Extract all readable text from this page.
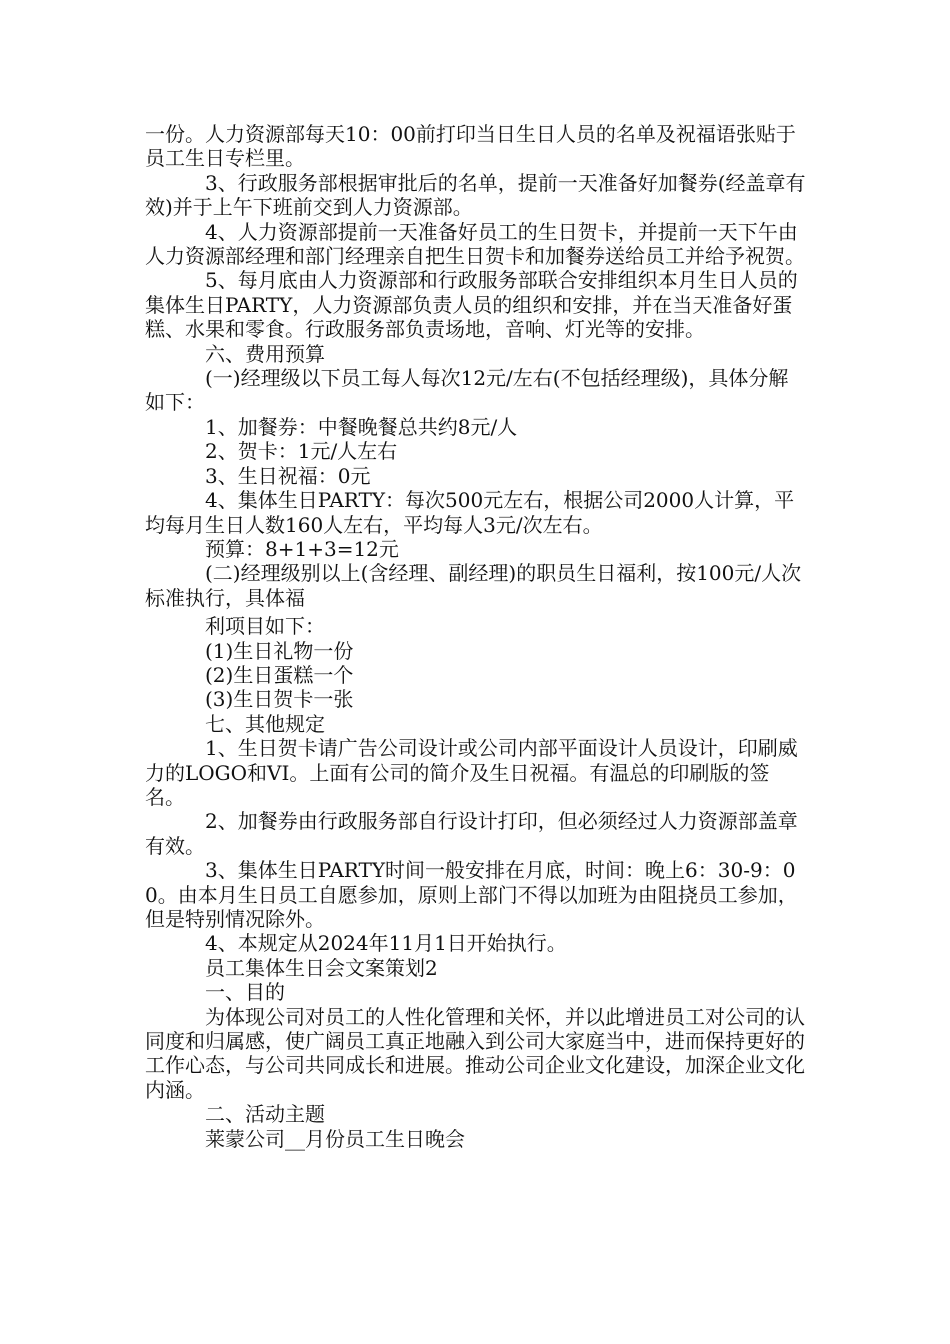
一份。人力资源部每天10：00前打印当日生日人员的名单及祝福语张贴于员工生日专栏里。

3、行政服务部根据审批后的名单，提前一天准备好加餐券(经盖章有效)并于上午下班前交到人力资源部。

4、人力资源部提前一天准备好员工的生日贺卡，并提前一天下午由人力资源部经理和部门经理亲自把生日贺卡和加餐券送给员工并给予祝贺。

5、每月底由人力资源部和行政服务部联合安排组织本月生日人员的集体生日PARTY，人力资源部负责人员的组织和安排，并在当天准备好蛋糕、水果和零食。行政服务部负责场地，音响、灯光等的安排。

六、费用预算

(一)经理级以下员工每人每次12元/左右(不包括经理级)，具体分解如下：

1、加餐券：中餐晚餐总共约8元/人

2、贺卡：1元/人左右

3、生日祝福：0元

4、集体生日PARTY：每次500元左右，根据公司2000人计算，平均每月生日人数160人左右，平均每人3元/次左右。

预算：8+1+3=12元

(二)经理级别以上(含经理、副经理)的职员生日福利，按100元/人次标准执行，具体福

利项目如下：

(1)生日礼物一份

(2)生日蛋糕一个

(3)生日贺卡一张

七、其他规定

1、生日贺卡请广告公司设计或公司内部平面设计人员设计，印刷威力的LOGO和VI。上面有公司的简介及生日祝福。有温总的印刷版的签名。

2、加餐券由行政服务部自行设计打印，但必须经过人力资源部盖章有效。

3、集体生日PARTY时间一般安排在月底，时间：晚上6：30-9：00。由本月生日员工自愿参加，原则上部门不得以加班为由阻挠员工参加，但是特别情况除外。

4、本规定从2024年11月1日开始执行。

员工集体生日会文案策划2

一、目的

为体现公司对员工的人性化管理和关怀，并以此增进员工对公司的认同度和归属感，使广阔员工真正地融入到公司大家庭当中，进而保持更好的工作心态，与公司共同成长和进展。推动公司企业文化建设，加深企业文化内涵。

二、活动主题

莱蒙公司__月份员工生日晚会
